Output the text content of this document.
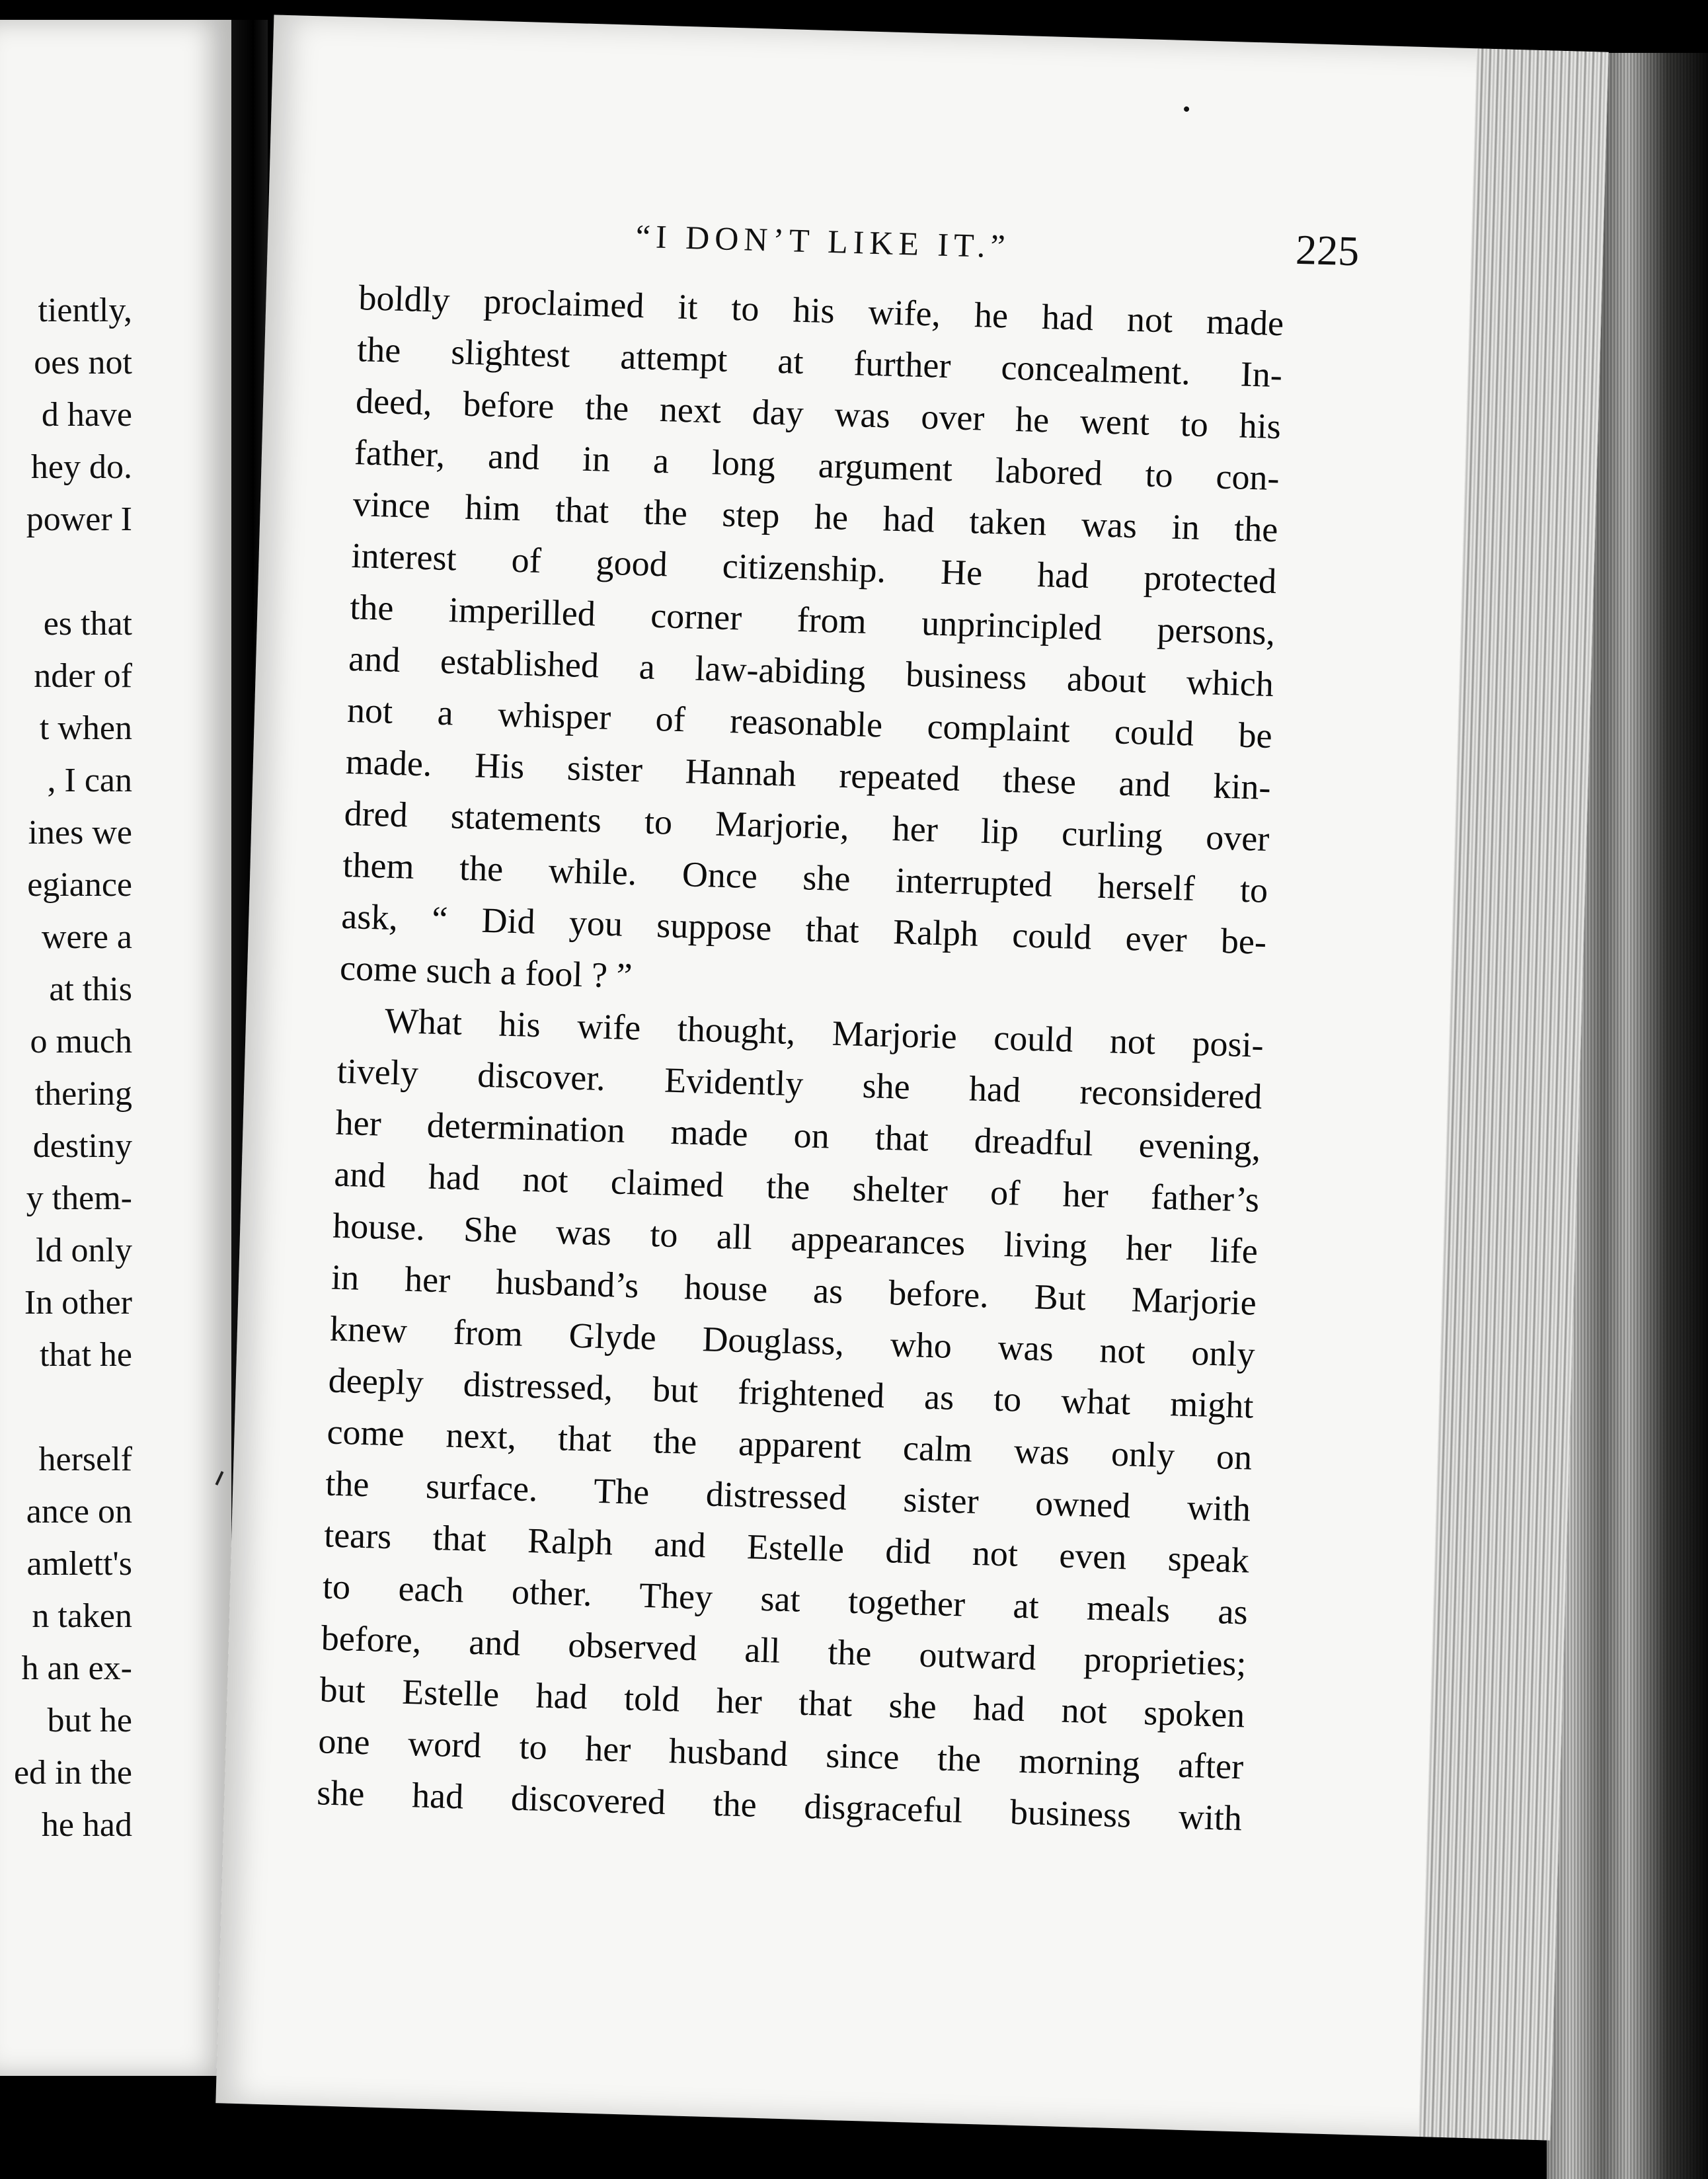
tiently,
oes not
d have
hey do.
power I
es that
nder of
t when
, I can
ines we
egiance
were a
at this
o much
thering
destiny
y them-
ld only
In other
that he
herself
ance on
amlett's
n taken
h an ex-
but he
ed in the
he had
“I DON’T LIKE IT.”	225
boldly proclaimed it to his wife, he had not made
the slightest attempt at further concealment. In-
deed, before the next day was over he went to his
father, and in a long argument labored to con-
vince him that the step he had taken was in the
interest of good citizenship. He had protected
the imperilled corner from unprincipled persons,
and established a law-abiding business about which
not a whisper of reasonable complaint could be
made. His sister Hannah repeated these and kin-
dred statements to Marjorie, her lip curling over
them the while. Once she interrupted herself to
ask, “ Did you suppose that Ralph could ever be-
come such a fool ? ”
What his wife thought, Marjorie could not posi-
tively discover. Evidently she had reconsidered
her determination made on that dreadful evening,
and had not claimed the shelter of her father’s
house. She was to all appearances living her life
in her husband’s house as before. But Marjorie
knew from Glyde Douglass, who was not only
deeply distressed, but frightened as to what might
come next, that the apparent calm was only on
the surface. The distressed sister owned with
tears that Ralph and Estelle did not even speak
to each other. They sat together at meals as
before, and observed all the outward proprieties;
but Estelle had told her that she had not spoken
one word to her husband since the morning after
she had discovered the disgraceful business with
